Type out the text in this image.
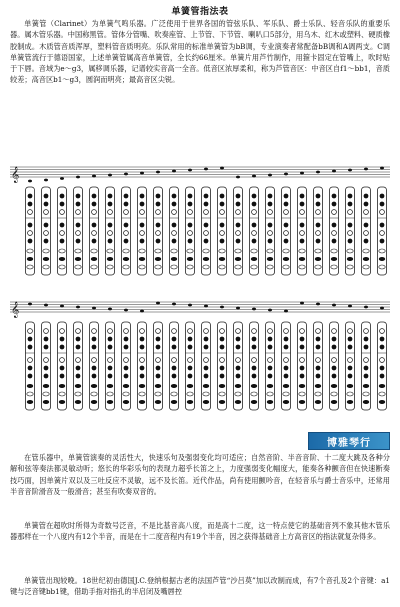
单簧管指法表

单簧管（Clarinet）为单簧气鸣乐器。广泛使用于世界各国的管弦乐队、军乐队、爵士乐队、轻音乐队的重要乐器。属木管乐器。中国称黑管。管体分管嘴、吹奏座管、上节管、下节管、喇叭口5部分，用乌木、红木或塑料、硬质橡胶制成。木质管音质浑厚，塑料管音质明亮。乐队常用的标准单簧管为bB调，专业演奏者常配备bB调和A调两支。C调单簧管流行于德语国家，上述单簧管属高音单簧管，全长约66厘米。单簧片用芦竹制作，用箍卡固定在管嘴上，吹时贴于下唇。音域为e～g3，属移调乐器，记谱较实音高一全音。低音区浓厚柔和，称为芦管音区：中音区自f1～bb1，音质较差；高音区b1～g3，圆润而明亮；最高音区尖锐。

𝄞
𝄞
博雅琴行

在管乐器中，单簧管演奏的灵活性大，快速乐句及强弱变化均可适应；自然音阶、半音音阶、十二度大跳及各种分解和弦等奏法都灵敏动听；悠长的华彩乐句的表现力超乎长笛之上，力度强弱变化幅度大，能奏各种颤音但在快速断奏技巧面，因单簧片双以及三吐反应不灵敏，远不及长笛。近代作品，尚有使用颤吟音，在轻音乐与爵士音乐中，还常用半音音阶滑音及一般滑音；甚至有吹奏双音的。

单簧管在超吹时所得为奇数号泛音，不是比基音高八度，而是高十二度，这一特点使它的基础音列不象其他木管乐器那样在一个八度内有12个半音，而是在十二度音程内有19个半音，因之获得基础音上方高音区的指法就复杂得多。

单簧管出现较晚。18世纪初由德国J.C.登纳根据古老的法国芦管“沙吕莫”加以改制而成，有7个音孔及2个音键：a1键与泛音键bb1键，借助手指对指孔的半启闭及嘴唇控
